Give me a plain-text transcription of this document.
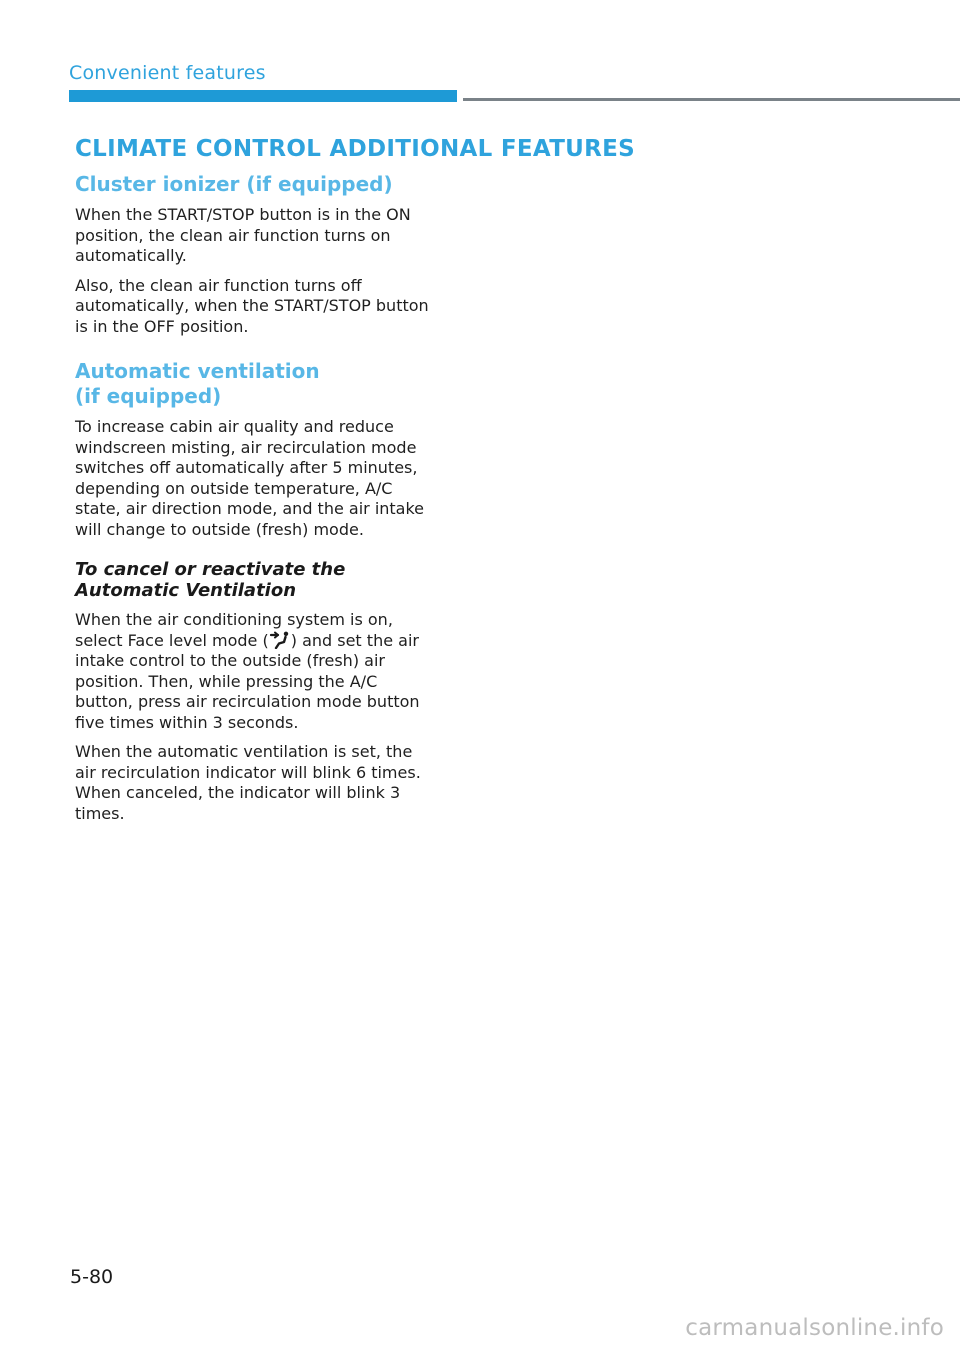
Convenient features
CLIMATE CONTROL ADDITIONAL FEATURES
Cluster ionizer (if equipped)

When the START/STOP button is in the ON position, the clean air function turns on automatically.

Also, the clean air function turns off automatically, when the START/STOP button is in the OFF position.

Automatic ventilation
(if equipped)

To increase cabin air quality and reduce windscreen misting, air recirculation mode switches off automatically after 5 minutes, depending on outside temperature, A/C state, air direction mode, and the air intake will change to outside (fresh) mode.

To cancel or reactivate the
Automatic Ventilation

When the air conditioning system is on, select Face level mode ( ) and set the air intake control to the outside (fresh) air position. Then, while pressing the A/C button, press air recirculation mode button five times within 3 seconds.

When the automatic ventilation is set, the air recirculation indicator will blink 6 times. When canceled, the indicator will blink 3 times.

5-80
carmanualsonline.info
